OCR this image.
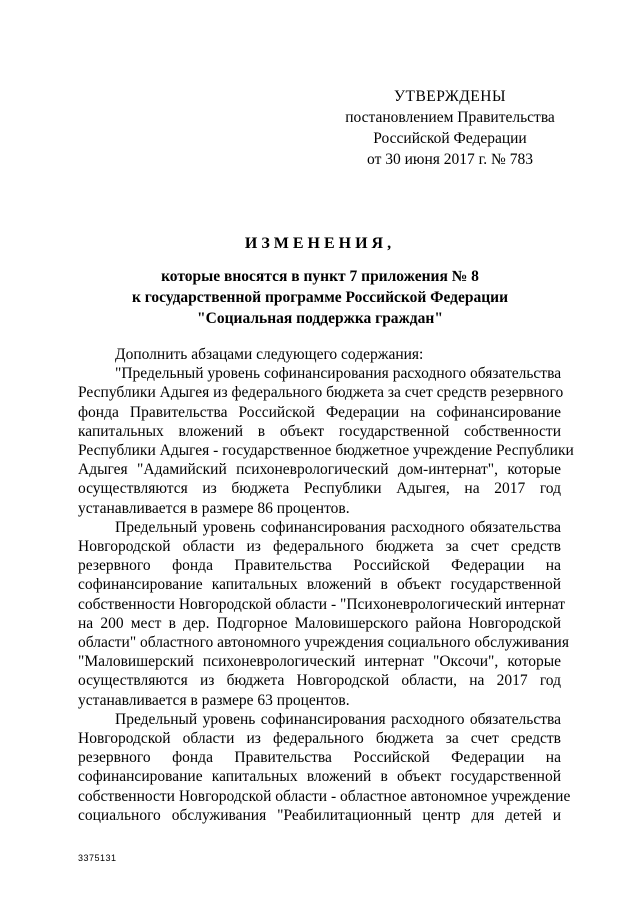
УТВЕРЖДЕНЫ
постановлением Правительства
Российской Федерации
от 30 июня 2017 г. № 783
ИЗМЕНЕНИЯ,
которые вносятся в пункт 7 приложения № 8
к государственной программе Российской Федерации
"Социальная поддержка граждан"
Дополнить абзацами следующего содержания:
"Предельный уровень софинансирования расходного обязательства
Республики Адыгея из федерального бюджета за счет средств резервного
фонда Правительства Российской Федерации на софинансирование
капитальных вложений в объект государственной собственности
Республики Адыгея - государственное бюджетное учреждение Республики
Адыгея "Адамийский психоневрологический дом-интернат", которые
осуществляются из бюджета Республики Адыгея, на 2017 год
устанавливается в размере 86 процентов.
Предельный уровень софинансирования расходного обязательства
Новгородской области из федерального бюджета за счет средств
резервного фонда Правительства Российской Федерации на
софинансирование капитальных вложений в объект государственной
собственности Новгородской области - "Психоневрологический интернат
на 200 мест в дер. Подгорное Маловишерского района Новгородской
области" областного автономного учреждения социального обслуживания
"Маловишерский психоневрологический интернат "Оксочи", которые
осуществляются из бюджета Новгородской области, на 2017 год
устанавливается в размере 63 процентов.
Предельный уровень софинансирования расходного обязательства
Новгородской области из федерального бюджета за счет средств
резервного фонда Правительства Российской Федерации на
софинансирование капитальных вложений в объект государственной
собственности Новгородской области - областное автономное учреждение
социального обслуживания "Реабилитационный центр для детей и
3375131
